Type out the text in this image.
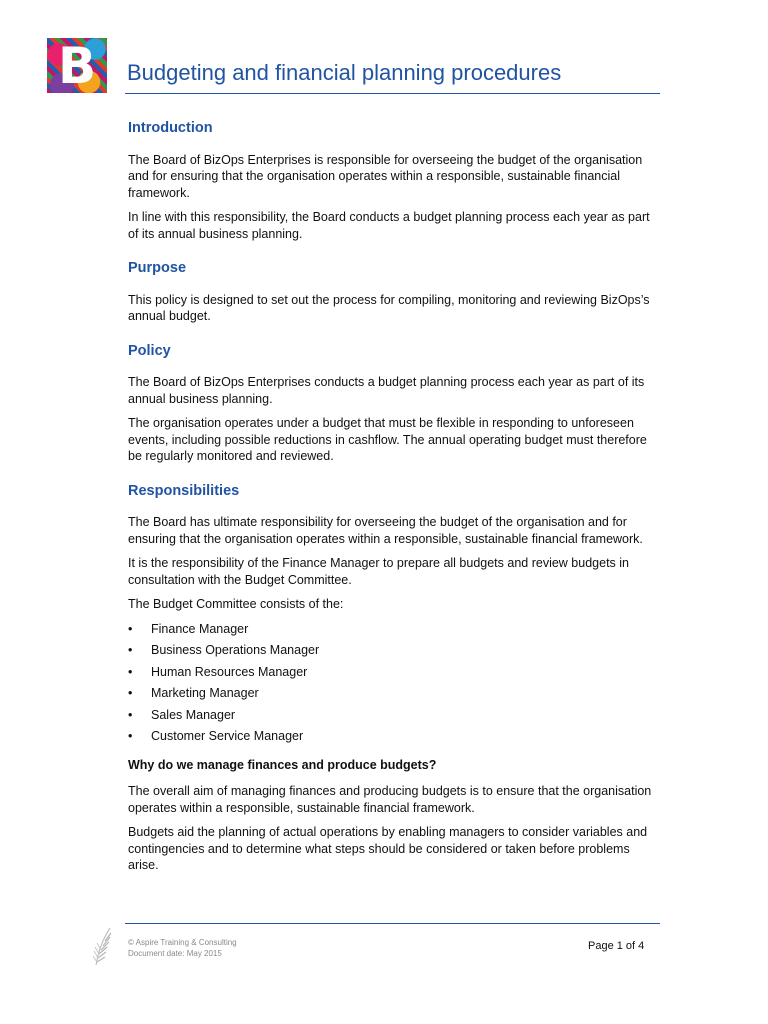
B	Budgeting and financial planning procedures
Introduction

The Board of BizOps Enterprises is responsible for overseeing the budget of the organisation and for ensuring that the organisation operates within a responsible, sustainable financial framework.

In line with this responsibility, the Board conducts a budget planning process each year as part of its annual business planning.

Purpose

This policy is designed to set out the process for compiling, monitoring and reviewing BizOps’s annual budget.

Policy

The Board of BizOps Enterprises conducts a budget planning process each year as part of its annual business planning.

The organisation operates under a budget that must be flexible in responding to unforeseen events, including possible reductions in cashflow. The annual operating budget must therefore be regularly monitored and reviewed.

Responsibilities

The Board has ultimate responsibility for overseeing the budget of the organisation and for ensuring that the organisation operates within a responsible, sustainable financial framework.

It is the responsibility of the Finance Manager to prepare all budgets and review budgets in consultation with the Budget Committee.

The Budget Committee consists of the:

• Finance Manager
• Business Operations Manager
• Human Resources Manager
• Marketing Manager
• Sales Manager
• Customer Service Manager
Why do we manage finances and produce budgets?

The overall aim of managing finances and producing budgets is to ensure that the organisation operates within a responsible, sustainable financial framework.

Budgets aid the planning of actual operations by enabling managers to consider variables and contingencies and to determine what steps should be considered or taken before problems arise.

© Aspire Training & Consulting
Document date: May 2015
Page 1 of 4
